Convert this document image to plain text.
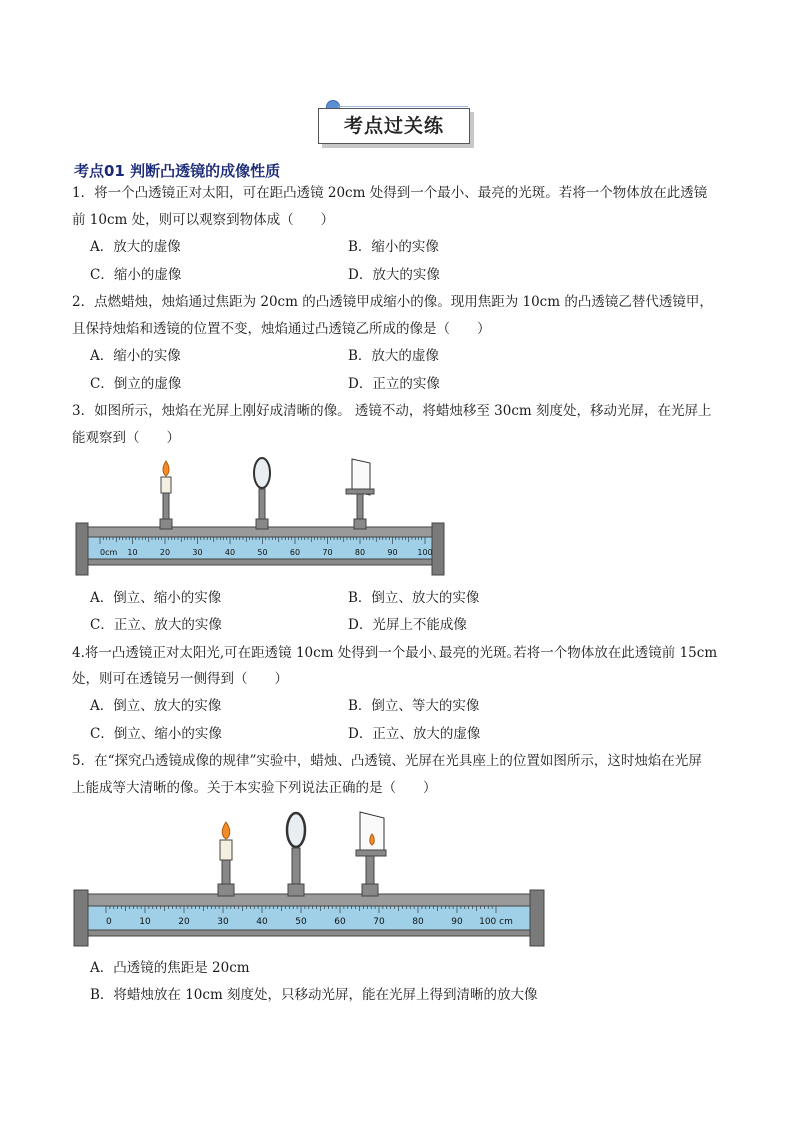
考点过关练
考点01 判断凸透镜的成像性质
1．将一个凸透镜正对太阳，可在距凸透镜 20cm 处得到一个最小、最亮的光斑。若将一个物体放在此透镜
前 10cm 处，则可以观察到物体成（　　）
A．放大的虚像	B．缩小的实像
C．缩小的虚像	D．放大的实像
2．点燃蜡烛，烛焰通过焦距为 20cm 的凸透镜甲成缩小的像。现用焦距为 10cm 的凸透镜乙替代透镜甲，
且保持烛焰和透镜的位置不变，烛焰通过凸透镜乙所成的像是（　　）
A．缩小的实像	B．放大的虚像
C．倒立的虚像	D．正立的实像
3．如图所示，烛焰在光屏上刚好成清晰的像。 透镜不动，将蜡烛移至 30cm 刻度处，移动光屏，在光屏上
能观察到（　　）
0cm 10	20	30	40	50	60	70	80	90 100
A．倒立、缩小的实像	B．倒立、放大的实像
C．正立、放大的实像	D．光屏上不能成像
4.将一凸透镜正对太阳光,可在距透镜 10cm 处得到一个最小､最亮的光斑｡若将一个物体放在此透镜前 15cm
处，则可在透镜另一侧得到（　　）
A．倒立、放大的实像	B．倒立、等大的实像
C．倒立、缩小的实像	D．正立、放大的虚像
5．在“探究凸透镜成像的规律”实验中，蜡烛、凸透镜、光屏在光具座上的位置如图所示，这时烛焰在光屏
上能成等大清晰的像。关于本实验下列说法正确的是（　　）
0	10	20	30	40	50	60	70	80	90 100 cm
A．凸透镜的焦距是 20cm
B．将蜡烛放在 10cm 刻度处，只移动光屏，能在光屏上得到清晰的放大像
